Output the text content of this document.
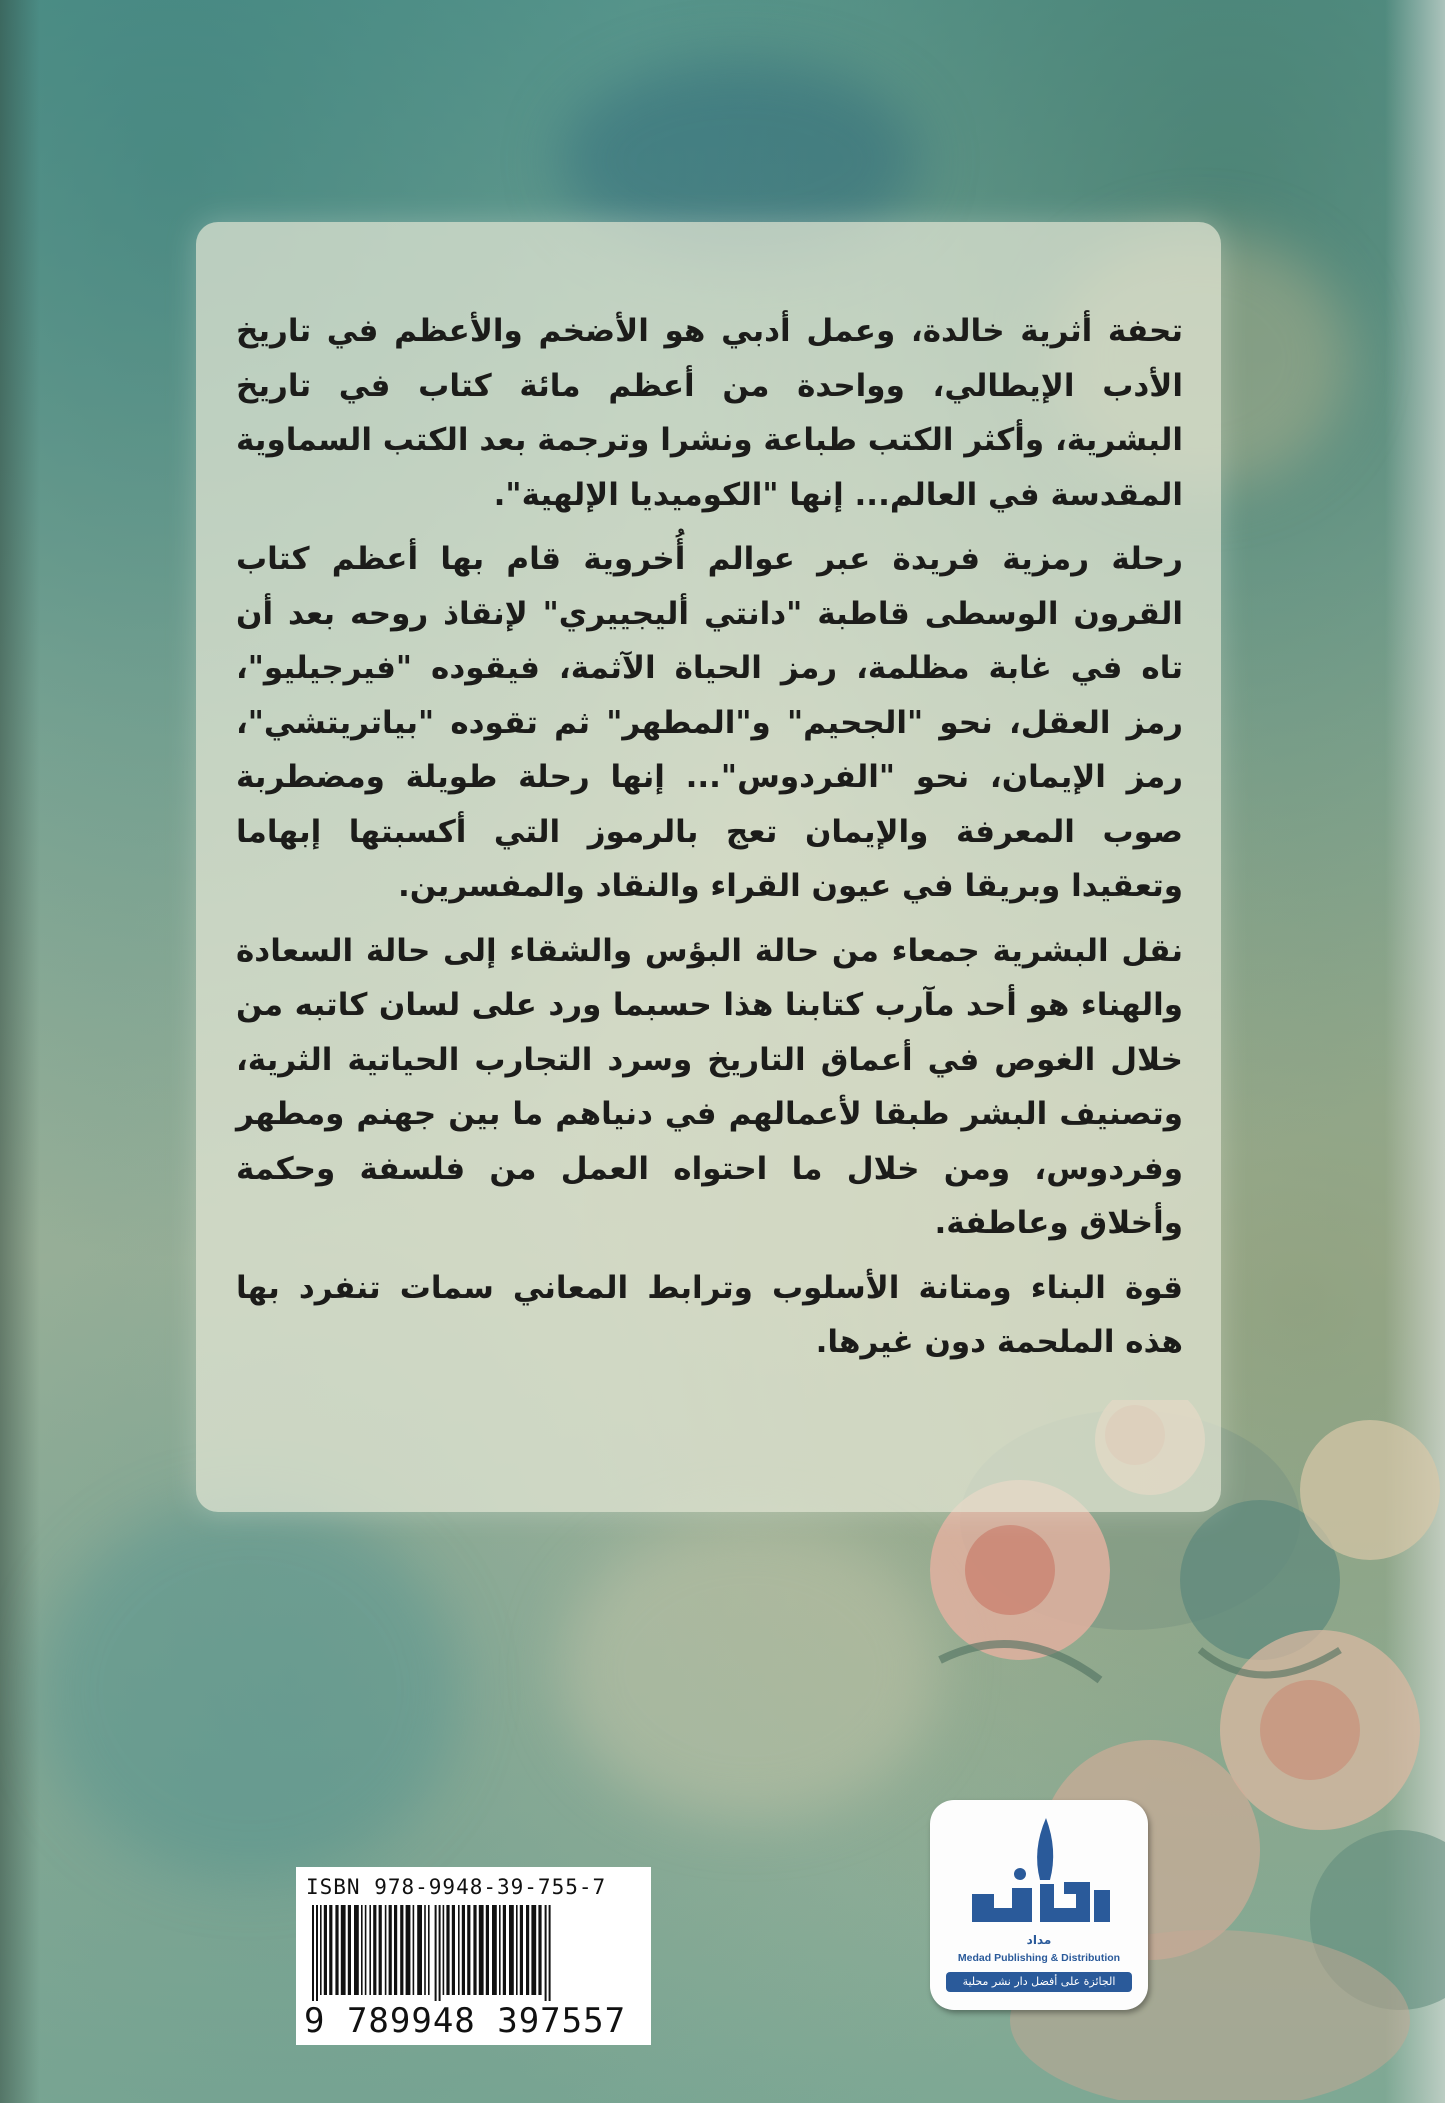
تحفة أثرية خالدة، وعمل أدبي هو الأضخم والأعظم في تاريخ الأدب الإيطالي، وواحدة من أعظم مائة كتاب في تاريخ البشرية، وأكثر الكتب طباعة ونشرا وترجمة بعد الكتب السماوية المقدسة في العالم... إنها "الكوميديا الإلهية".

رحلة رمزية فريدة عبر عوالم أُخروية قام بها أعظم كتاب القرون الوسطى قاطبة "دانتي أليجييري" لإنقاذ روحه بعد أن تاه في غابة مظلمة، رمز الحياة الآثمة، فيقوده "فيرجيليو"، رمز العقل، نحو "الجحيم" و"المطهر" ثم تقوده "بياتريتشي"، رمز الإيمان، نحو "الفردوس"... إنها رحلة طويلة ومضطربة صوب المعرفة والإيمان تعج بالرموز التي أكسبتها إبهاما وتعقيدا وبريقا في عيون القراء والنقاد والمفسرين.

نقل البشرية جمعاء من حالة البؤس والشقاء إلى حالة السعادة والهناء هو أحد مآرب كتابنا هذا حسبما ورد على لسان كاتبه من خلال الغوص في أعماق التاريخ وسرد التجارب الحياتية الثرية، وتصنيف البشر طبقا لأعمالهم في دنياهم ما بين جهنم ومطهر وفردوس، ومن خلال ما احتواه العمل من فلسفة وحكمة وأخلاق وعاطفة.

قوة البناء ومتانة الأسلوب وترابط المعاني سمات تنفرد بها هذه الملحمة دون غيرها.

ISBN 978-9948-39-755-7
9 789948 397557
مداد
Medad Publishing & Distribution
الجائزة على أفضل دار نشر محلية
